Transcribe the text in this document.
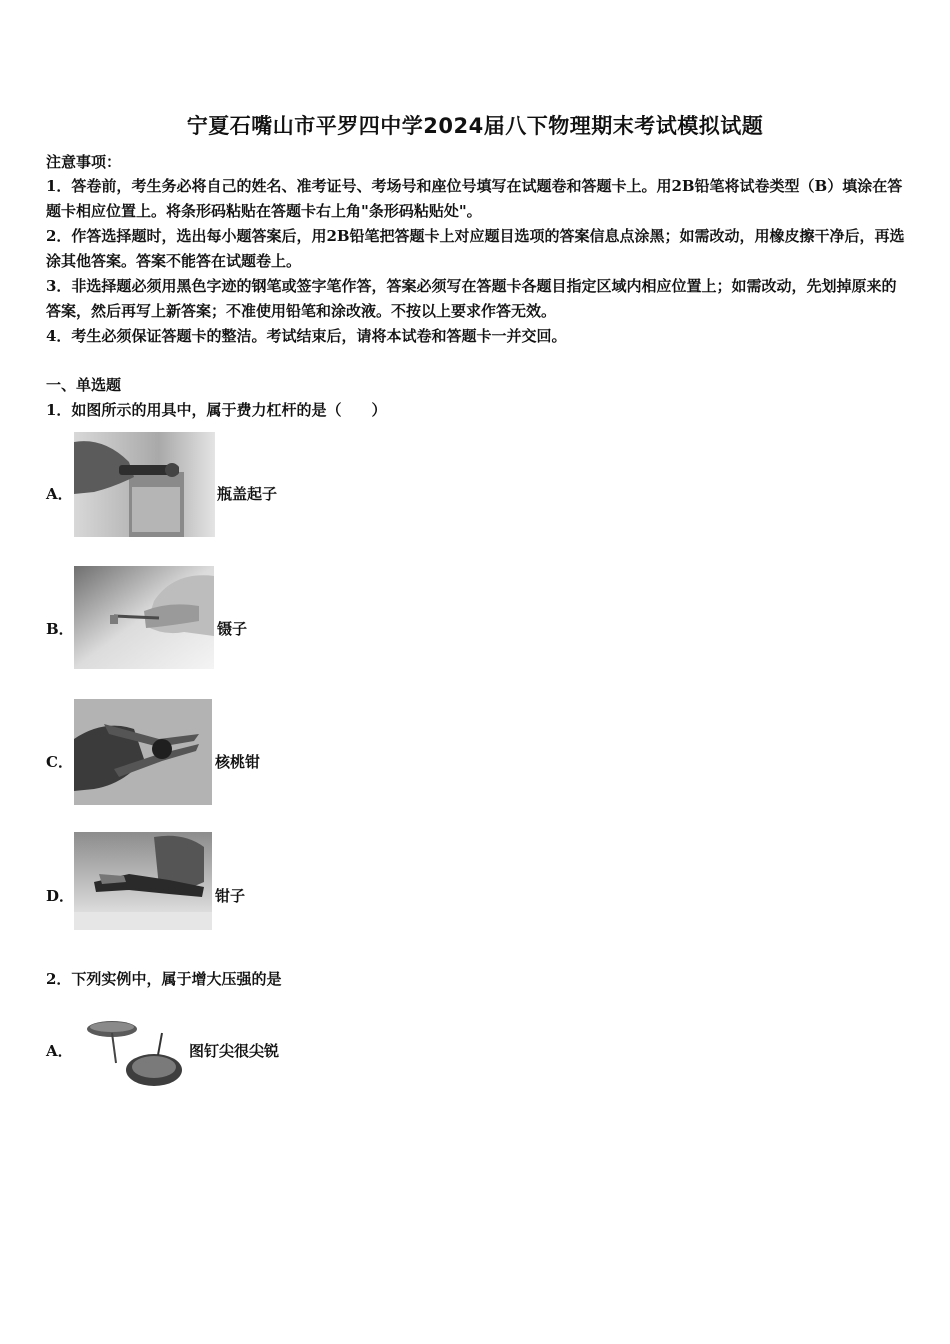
宁夏石嘴山市平罗四中学2024届八下物理期末考试模拟试题
注意事项：
1．答卷前，考生务必将自己的姓名、准考证号、考场号和座位号填写在试题卷和答题卡上。用2B铅笔将试卷类型（B）填涂在答题卡相应位置上。将条形码粘贴在答题卡右上角"条形码粘贴处"。
2．作答选择题时，选出每小题答案后，用2B铅笔把答题卡上对应题目选项的答案信息点涂黑；如需改动，用橡皮擦干净后，再选涂其他答案。答案不能答在试题卷上。
3．非选择题必须用黑色字迹的钢笔或签字笔作答，答案必须写在答题卡各题目指定区域内相应位置上；如需改动，先划掉原来的答案，然后再写上新答案；不准使用铅笔和涂改液。不按以上要求作答无效。
4．考生必须保证答题卡的整洁。考试结束后，请将本试卷和答题卡一并交回。
一、单选题
1．如图所示的用具中，属于费力杠杆的是（　　）
A．	瓶盖起子
B．	镊子
C．	核桃钳
D．	钳子
2．下列实例中，属于增大压强的是
A．	图钉尖很尖锐
